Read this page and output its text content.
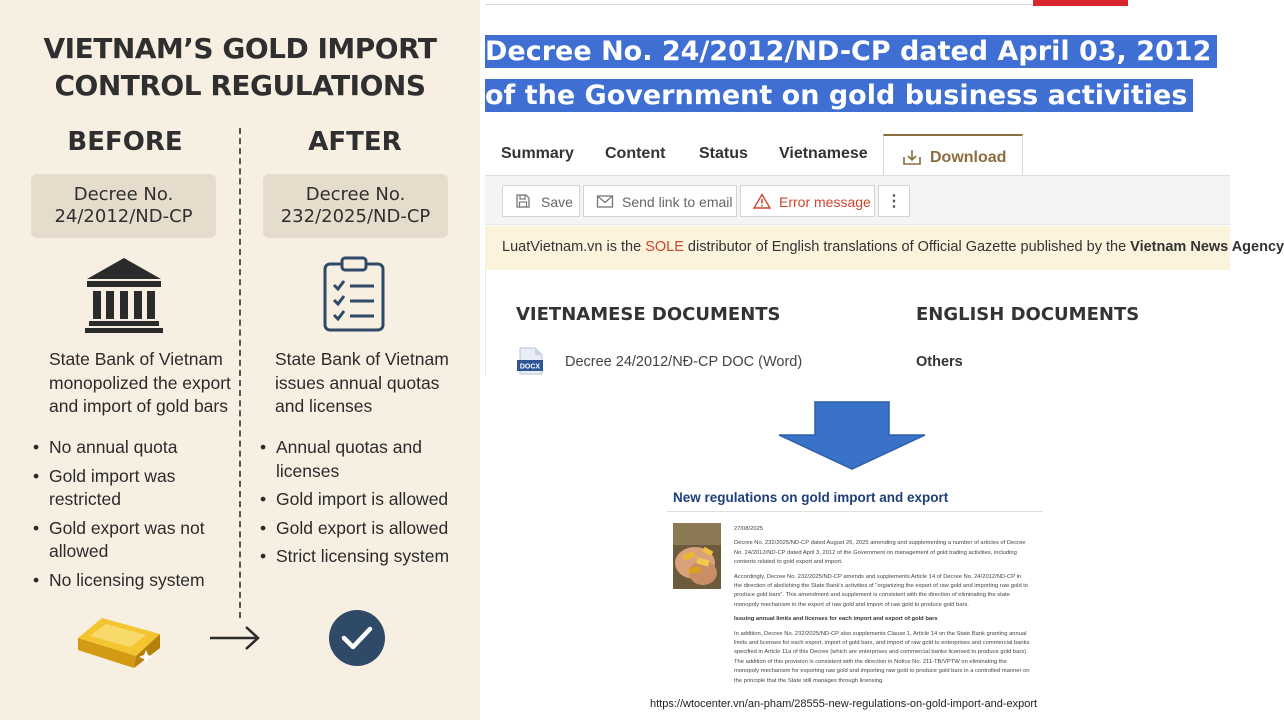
VIETNAM’S GOLD IMPORT CONTROL REGULATIONS
BEFORE	AFTER
Decree No.
24/2012/ND-CP
Decree No.
232/2025/ND-CP

State Bank of Vietnam monopolized the export and import of gold bars

State Bank of Vietnam issues annual quotas and licenses

• No annual quota
• Gold import was restricted
• Gold export was not allowed
• No licensing system
• Annual quotas and licenses
• Gold import is allowed
• Gold export is allowed
• Strict licensing system
Decree No. 24/2012/ND-CP dated April 03, 2012 of the Government on gold business activities
Summary Content Status Vietnamese	Download
Save	Send link to email	Error message ⋮
LuatVietnam.vn is the SOLE distributor of English translations of Official Gazette published by the Vietnam News Agency
VIETNAMESE DOCUMENTS	ENGLISH DOCUMENTS
DOCX Decree 24/2012/NĐ-CP DOC (Word)	Others
New regulations on gold import and export

27/08/2025

Decree No. 232/2025/ND-CP dated August 26, 2025 amending and supplementing a number of articles of Decree No. 24/2012/ND-CP dated April 3, 2012 of the Government on management of gold trading activities, including contents related to gold export and import.

Accordingly, Decree No. 232/2025/ND-CP amends and supplements Article 14 of Decree No. 24/2012/ND-CP in the direction of abolishing the State Bank's activities of "organizing the export of raw gold and importing raw gold to produce gold bars". This amendment and supplement is consistent with the direction of eliminating the state monopoly mechanism in the export of raw gold and import of raw gold to produce gold bars.

Issuing annual limits and licenses for each import and export of gold bars

In addition, Decree No. 232/2025/ND-CP also supplements Clause 1, Article 14 on the State Bank granting annual limits and licenses for each export, import of gold bars, and import of raw gold to enterprises and commercial banks specified in Article 11a of this Decree (which are enterprises and commercial banks licensed to produce gold bars). The addition of this provision is consistent with the direction in Notice No. 211-TB/VPTW on eliminating the monopoly mechanism for exporting raw gold and importing raw gold to produce gold bars in a controlled manner on the principle that the State still manages through licensing.

https://wtocenter.vn/an-pham/28555-new-regulations-on-gold-import-and-export
